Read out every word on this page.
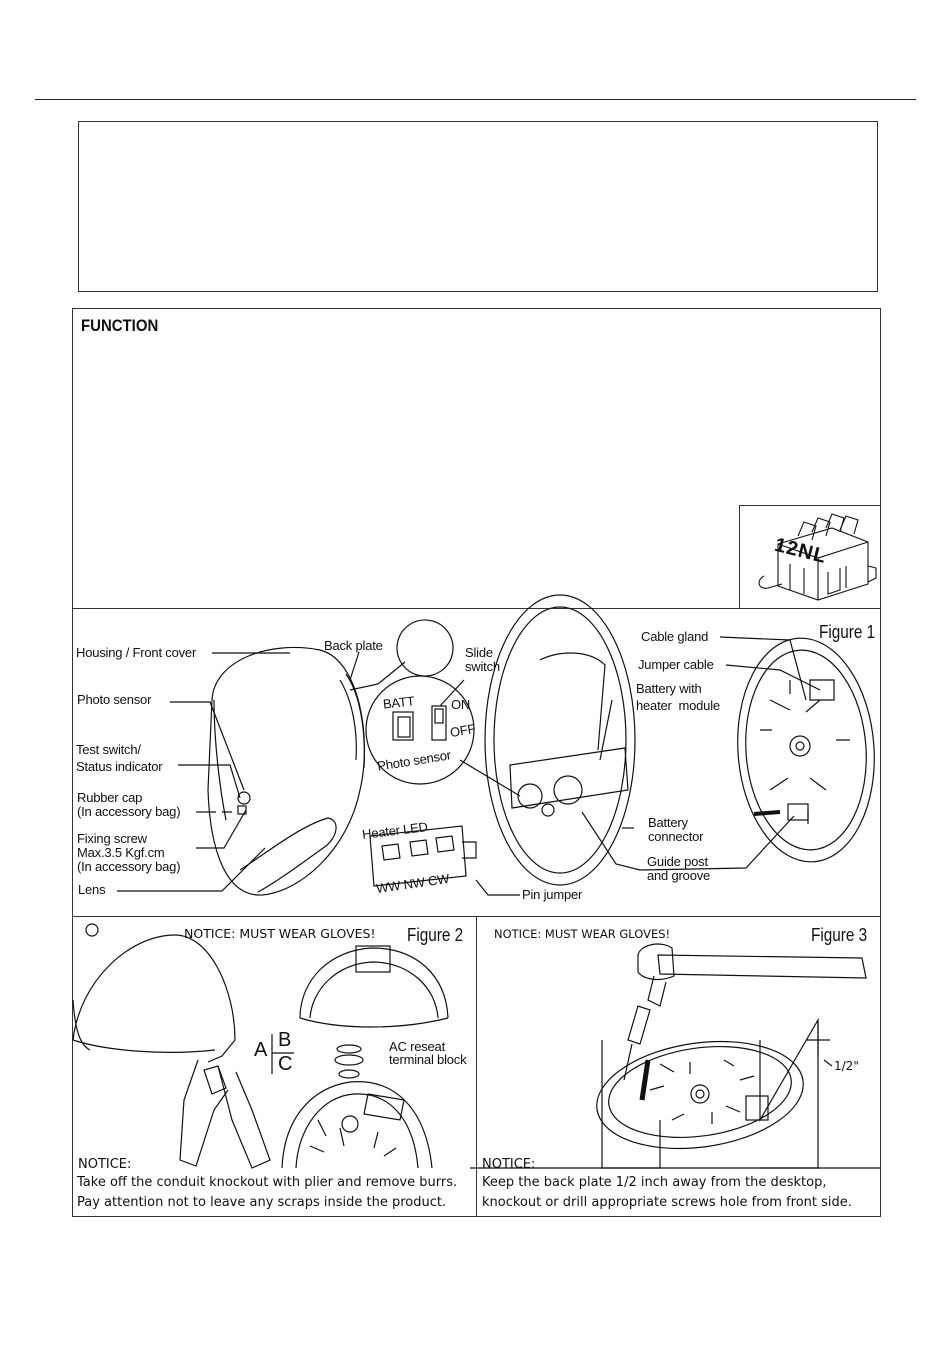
FUNCTION
12NL
Figure 1
Housing / Front cover
Photo sensor
Test switch/
Status indicator
Rubber cap
(In accessory bag)
Fixing screw
Max.3.5 Kgf.cm
(In accessory bag)
Lens
Back plate	Slide
switch
BATT	ON
OFF
Photo sensor
Heater LED
WW NW CW	Pin jumper
Cable gland
Jumper cable
Battery with
heater  module
Battery
connector
Guide post
and groove
NOTICE: MUST WEAR GLOVES! Figure 2
A B
C
AC reseat
terminal block
NOTICE:
Take off the conduit knockout with plier and remove burrs.
Pay attention not to leave any scraps inside the product.
NOTICE: MUST WEAR GLOVES!	Figure 3
1/2"
NOTICE:
Keep the back plate 1/2 inch away from the desktop,
knockout or drill appropriate screws hole from front side.
